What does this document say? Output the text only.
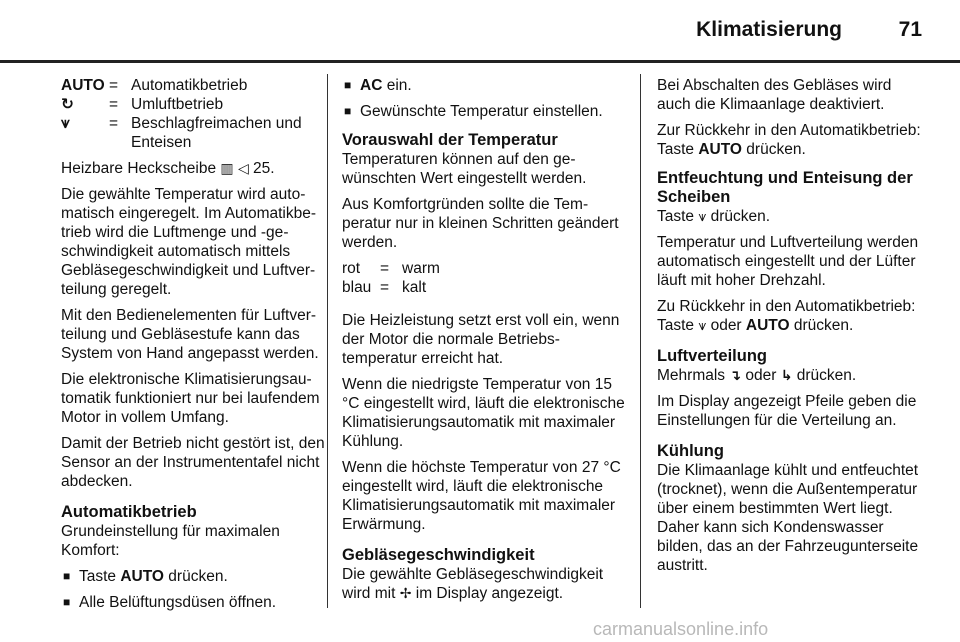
Klimatisierung	71
AUTO = Automatikbetrieb
↻	= Umluftbetrieb
⩛	= Beschlagfreimachen und Enteisen

Heizbare Heckscheibe ▥ ◁ 25.

Die gewählte Temperatur wird automatisch eingeregelt. Im Automatikbetrieb wird die Luftmenge und -geschwindigkeit automatisch mittels Gebläsegeschwindigkeit und Luftverteilung geregelt.

Mit den Bedienelementen für Luftverteilung und Gebläsestufe kann das System von Hand angepasst werden.

Die elektronische Klimatisierungsautomatik funktioniert nur bei laufendem Motor in vollem Umfang.

Damit der Betrieb nicht gestört ist, den Sensor an der Instrumententafel nicht abdecken.

Automatikbetrieb

Grundeinstellung für maximalen Komfort:

■ Taste AUTO drücken.
■ Alle Belüftungsdüsen öffnen.
■ AC ein.
■ Gewünschte Temperatur einstellen.
Vorauswahl der Temperatur

Temperaturen können auf den gewünschten Wert eingestellt werden.

Aus Komfortgründen sollte die Temperatur nur in kleinen Schritten geändert werden.

rot	= warm
blau = kalt

Die Heizleistung setzt erst voll ein, wenn der Motor die normale Betriebstemperatur erreicht hat.

Wenn die niedrigste Temperatur von 15 °C eingestellt wird, läuft die elektronische Klimatisierungsautomatik mit maximaler Kühlung.

Wenn die höchste Temperatur von 27 °C eingestellt wird, läuft die elektronische Klimatisierungsautomatik mit maximaler Erwärmung.

Gebläsegeschwindigkeit

Die gewählte Gebläsegeschwindigkeit wird mit ✢ im Display angezeigt.

Bei Abschalten des Gebläses wird auch die Klimaanlage deaktiviert.

Zur Rückkehr in den Automatikbetrieb: Taste AUTO drücken.

Entfeuchtung und Enteisung der Scheiben

Taste ⩛ drücken.

Temperatur und Luftverteilung werden automatisch eingestellt und der Lüfter läuft mit hoher Drehzahl.

Zu Rückkehr in den Automatikbetrieb: Taste ⩛ oder AUTO drücken.

Luftverteilung

Mehrmals ↴ oder ↳ drücken.

Im Display angezeigt Pfeile geben die Einstellungen für die Verteilung an.

Kühlung

Die Klimaanlage kühlt und entfeuchtet (trocknet), wenn die Außentemperatur über einem bestimmten Wert liegt. Daher kann sich Kondenswasser bilden, das an der Fahrzeugunterseite austritt.

carmanualsonline.info
